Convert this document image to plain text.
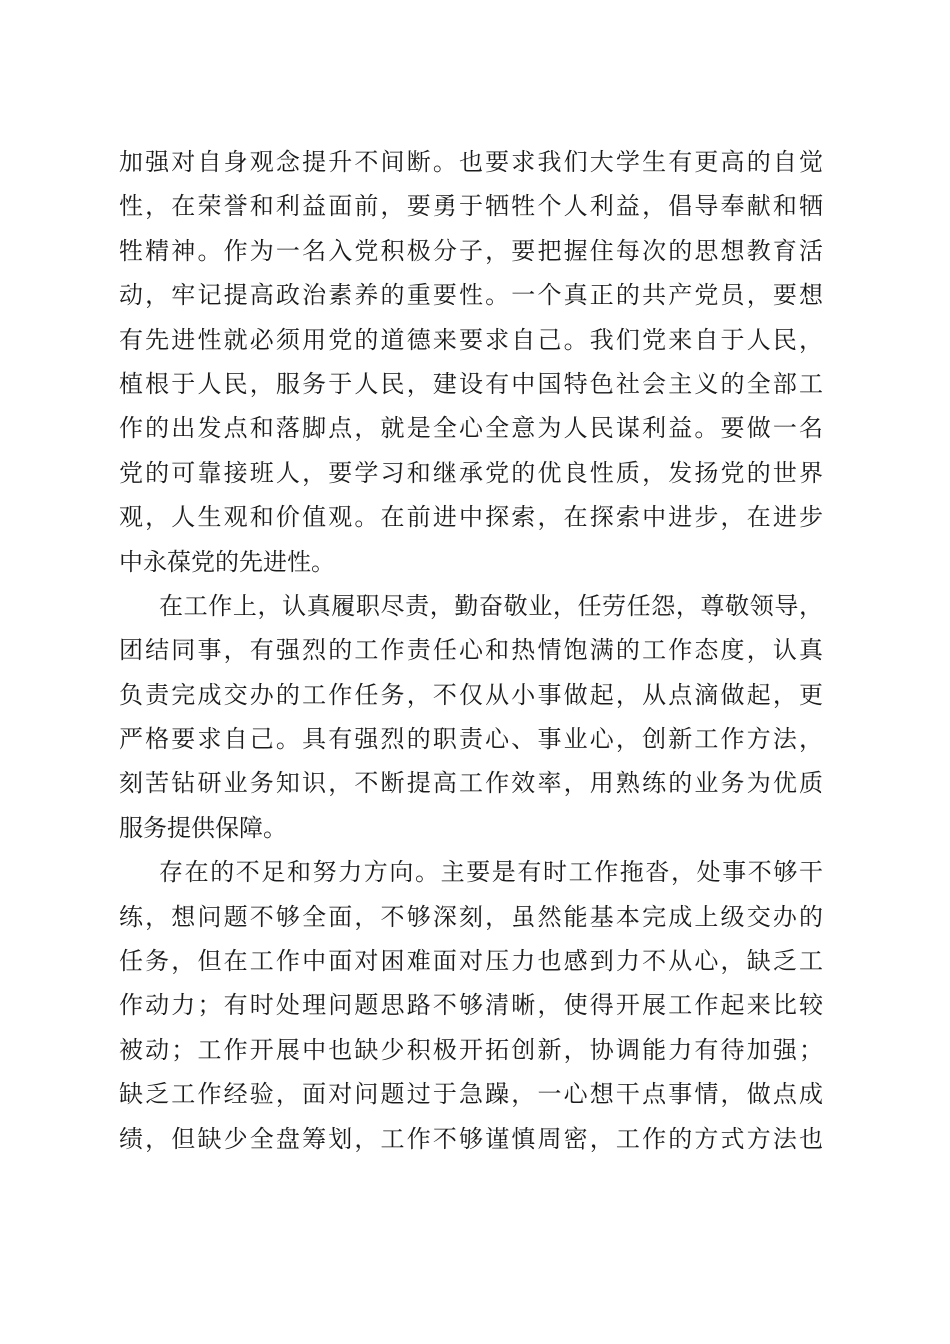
加强对自身观念提升不间断。也要求我们大学生有更高的自觉
性，在荣誉和利益面前，要勇于牺牲个人利益，倡导奉献和牺
牲精神。作为一名入党积极分子，要把握住每次的思想教育活
动，牢记提高政治素养的重要性。一个真正的共产党员，要想
有先进性就必须用党的道德来要求自己。我们党来自于人民，
植根于人民，服务于人民，建设有中国特色社会主义的全部工
作的出发点和落脚点，就是全心全意为人民谋利益。要做一名
党的可靠接班人，要学习和继承党的优良性质，发扬党的世界
观，人生观和价值观。在前进中探索，在探索中进步，在进步
中永葆党的先进性。
在工作上，认真履职尽责，勤奋敬业，任劳任怨，尊敬领导，
团结同事，有强烈的工作责任心和热情饱满的工作态度，认真
负责完成交办的工作任务，不仅从小事做起，从点滴做起，更
严格要求自己。具有强烈的职责心、事业心，创新工作方法，
刻苦钻研业务知识，不断提高工作效率，用熟练的业务为优质
服务提供保障。
存在的不足和努力方向。主要是有时工作拖沓，处事不够干
练，想问题不够全面，不够深刻，虽然能基本完成上级交办的
任务，但在工作中面对困难面对压力也感到力不从心，缺乏工
作动力；有时处理问题思路不够清晰，使得开展工作起来比较
被动；工作开展中也缺少积极开拓创新，协调能力有待加强；
缺乏工作经验，面对问题过于急躁，一心想干点事情，做点成
绩，但缺少全盘筹划，工作不够谨慎周密，工作的方式方法也
